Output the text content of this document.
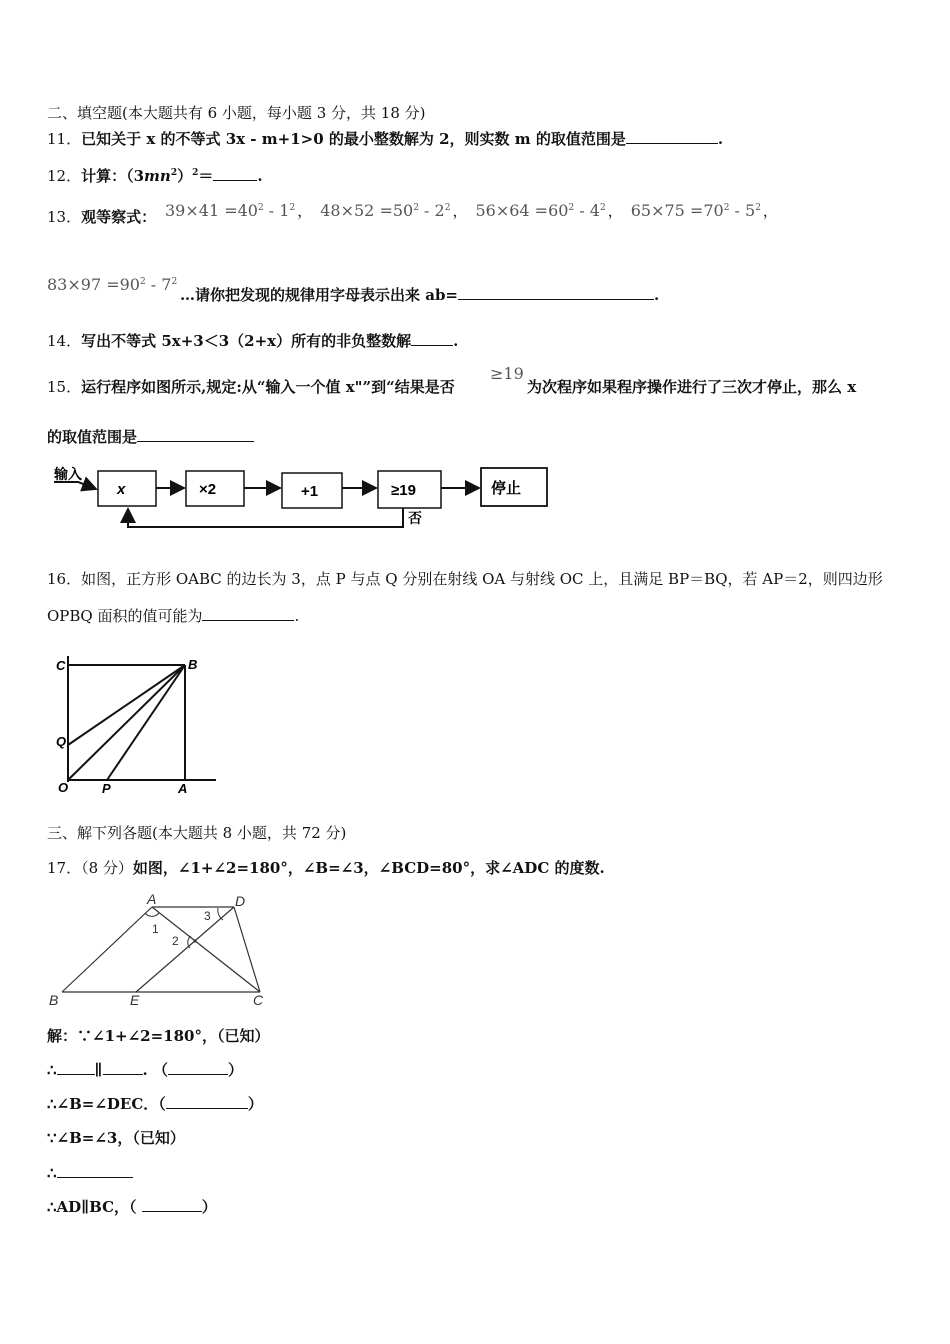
二、填空题(本大题共有 6 小题，每小题 3 分，共 18 分)
11．已知关于 x 的不等式 3x - m+1>0 的最小整数解为 2，则实数 m 的取值范围是	.
12．计算：$(3mn^2)^2=$	.
13．观等察式： $39\times 41 =40^2 - 1^2$ ， $48\times 52 =50^2 - 2^2$ ， $56\times 64 =60^2 - 4^2$ ， $65\times 75 =70^2 - 5^2$ ，
$83\times 97 =90^2 - 7^2$
…请你把发现的规律用字母表示出来 ab=	.
14．写出不等式 5x+3＜3（2+x）所有的非负整数解	.
15．运行程序如图所示,规定:从“输入一个值 x"”到“结果是否
≥19
为次程序如果程序操作进行了三次才停止，那么 x
的取值范围是
输入
x	×2	+1	≥19	停止
否
16．如图，正方形 OABC 的边长为 3，点 P 与点 Q 分别在射线 OA 与射线 OC 上，且满足 BP＝BQ，若 AP＝2，则四边形
OPBQ 面积的值可能为	.
C	B
Q
O	P	A
三、解下列各题(本大题共 8 小题，共 72 分)
17．（8 分）如图，∠1+∠2=180°，∠B=∠3，∠BCD=80°，求∠ADC 的度数.
A	D
B	E	C
1
2
3
解：∵∠1+∠2=180°，（已知）
∴	∥	. （	）
∴∠B=∠DEC．（	）
∵∠B=∠3，（已知）
∴
∴AD∥BC，（	）
